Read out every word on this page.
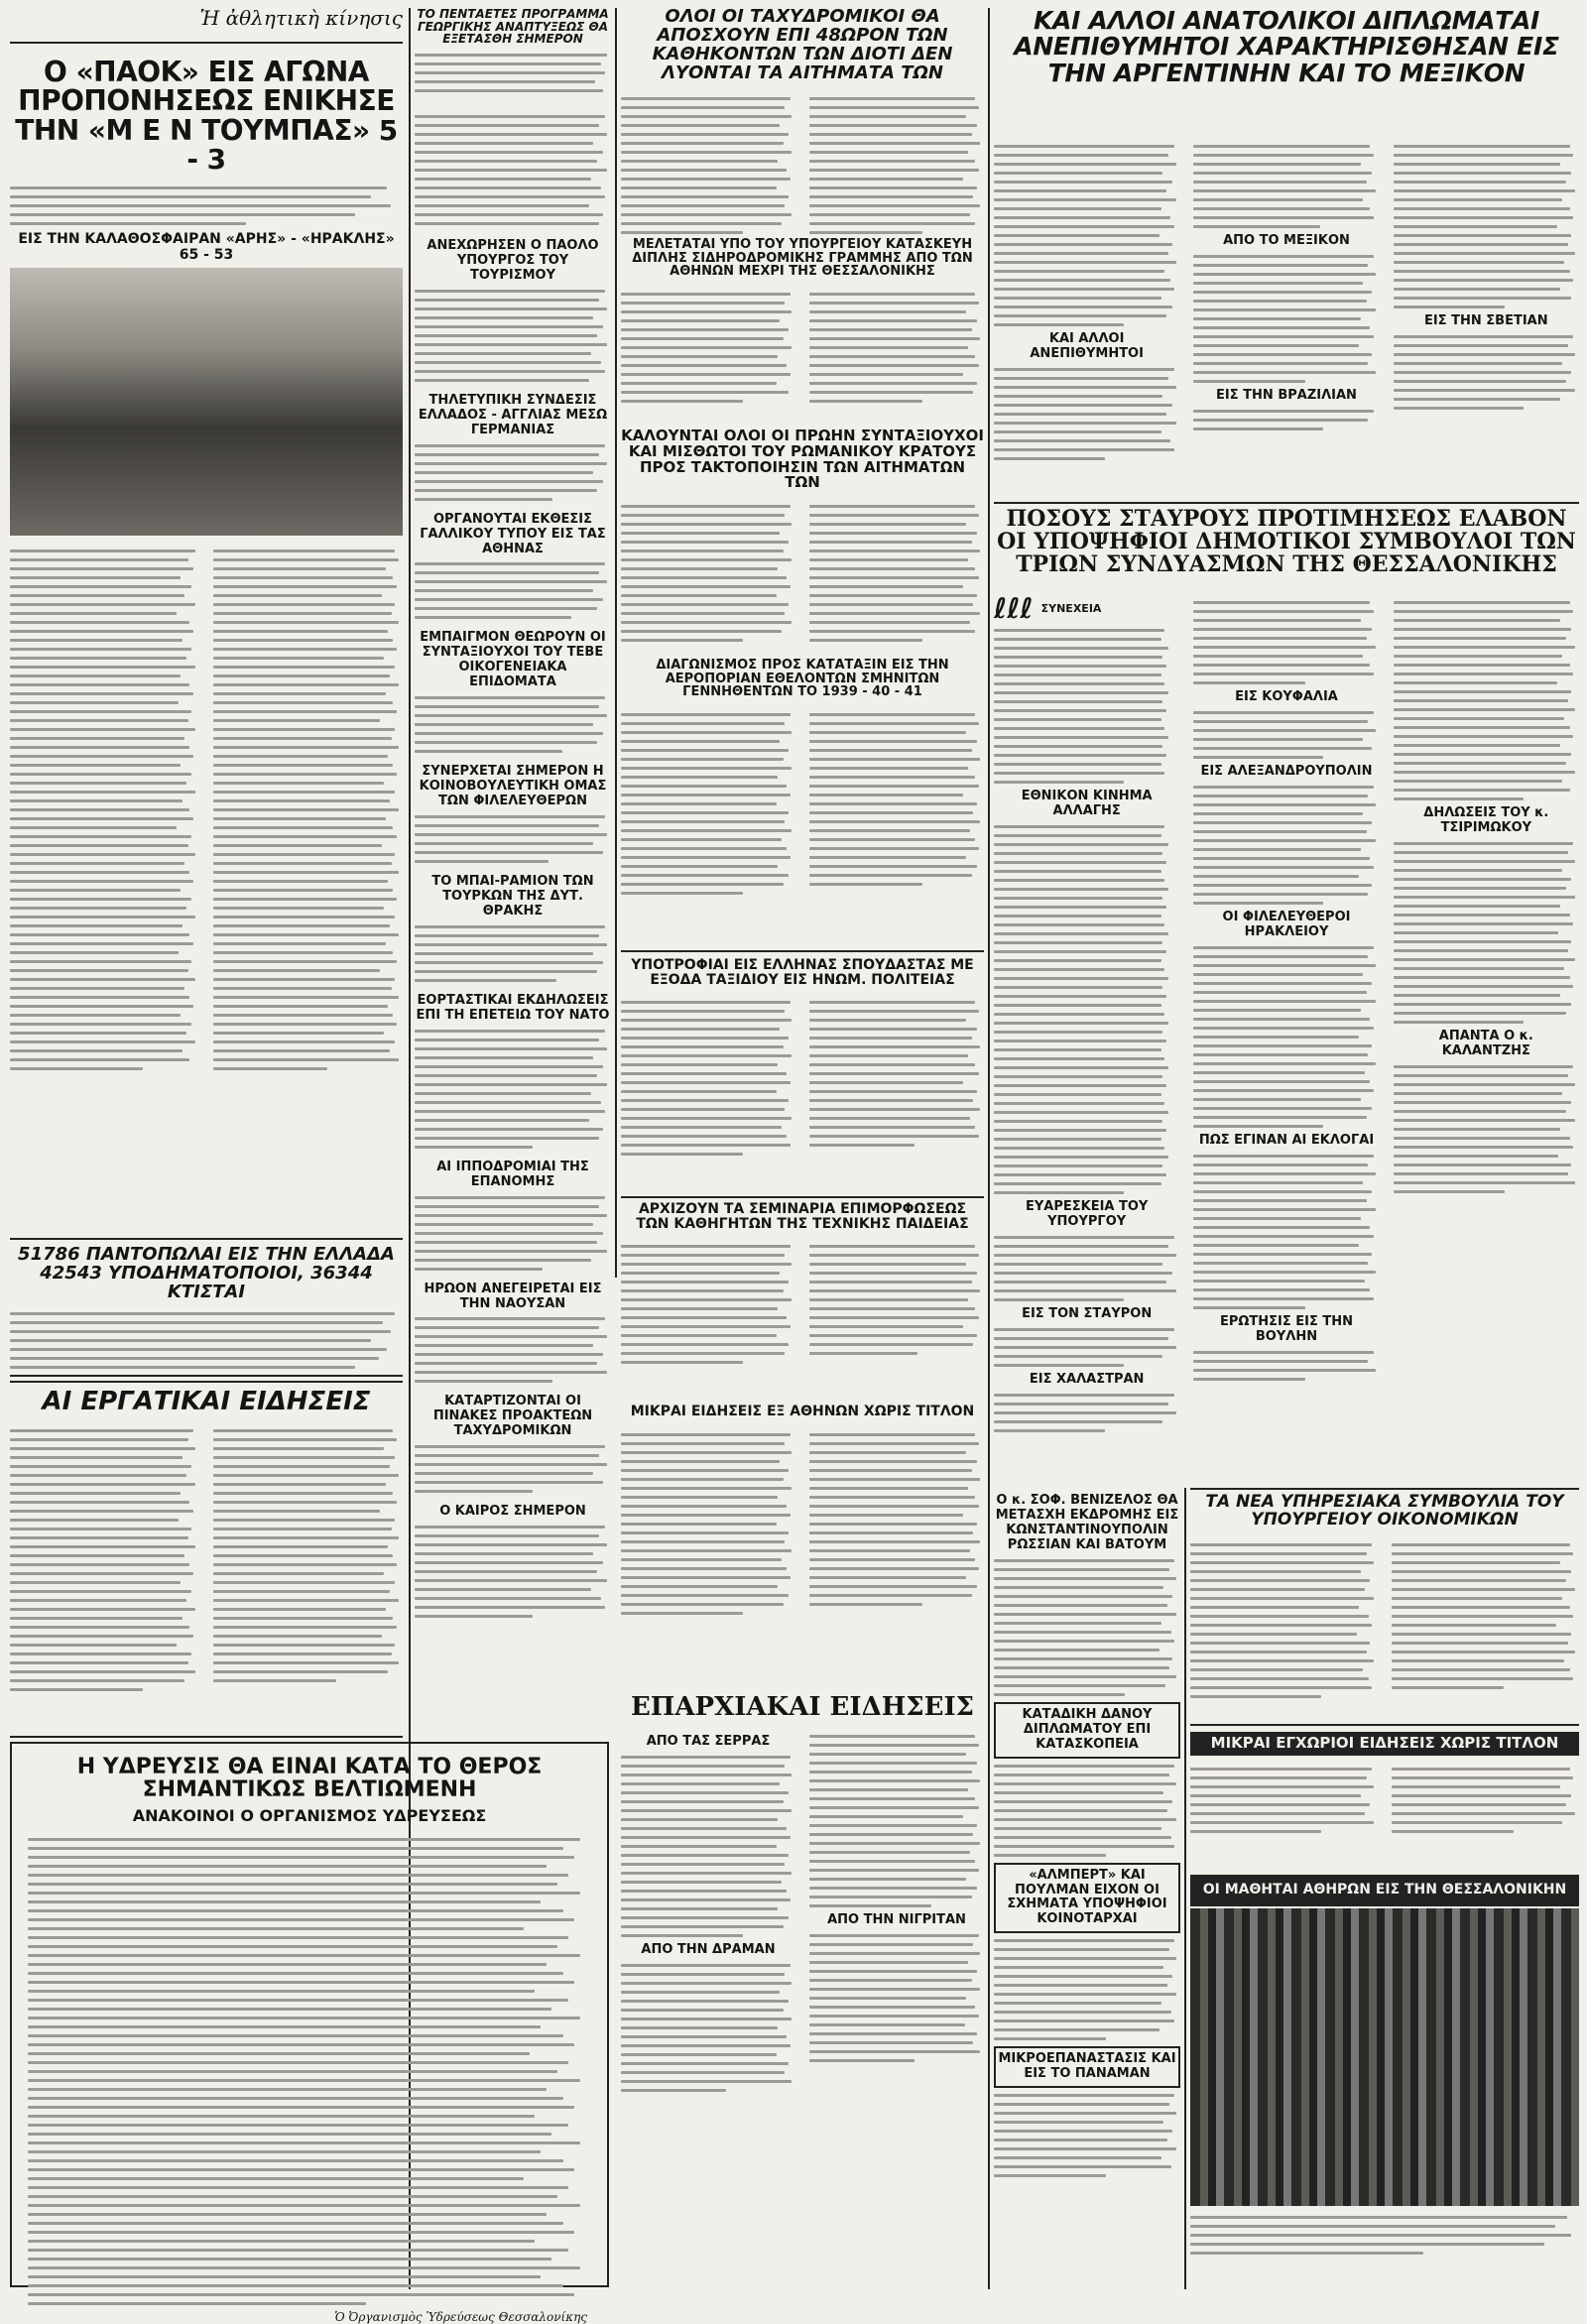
Ἡ ἀθλητικὴ κίνησις
Ο «ΠΑΟΚ» ΕΙΣ ΑΓΩΝΑ ΠΡΟΠΟΝΗΣΕΩΣ ΕΝΙΚΗΣΕ ΤΗΝ «Μ Ε Ν ΤΟΥΜΠΑΣ» 5 - 3
ΕΙΣ ΤΗΝ ΚΑΛΑΘΟΣΦΑΙΡΑΝ «ΑΡΗΣ» - «ΗΡΑΚΛΗΣ» 65 - 53
51786 ΠΑΝΤΟΠΩΛΑΙ ΕΙΣ ΤΗΝ ΕΛΛΑΔΑ 42543 ΥΠΟΔΗΜΑΤΟΠΟΙΟΙ, 36344 ΚΤΙΣΤΑΙ
ΑΙ ΕΡΓΑΤΙΚΑΙ ΕΙΔΗΣΕΙΣ
Η ΥΔΡΕΥΣΙΣ ΘΑ ΕΙΝΑΙ ΚΑΤΑ ΤΟ ΘΕΡΟΣ ΣΗΜΑΝΤΙΚΩΣ ΒΕΛΤΙΩΜΕΝΗ
ΑΝΑΚΟΙΝΟΙ Ο ΟΡΓΑΝΙΣΜΟΣ ΥΔΡΕΥΣΕΩΣ
Ὁ Ὀργανισμὸς Ὑδρεύσεως Θεσσαλονίκης
ΤΟ ΠΕΝΤΑΕΤΕΣ ΠΡΟΓΡΑΜΜΑ ΓΕΩΡΓΙΚΗΣ ΑΝΑΠΤΥΞΕΩΣ ΘΑ ΕΞΕΤΑΣΘΗ ΣΗΜΕΡΟΝ
ΑΝΕΧΩΡΗΣΕΝ Ο ΠΑΟΛΟ ΥΠΟΥΡΓΟΣ ΤΟΥ ΤΟΥΡΙΣΜΟΥ
ΤΗΛΕΤΥΠΙΚΗ ΣΥΝΔΕΣΙΣ ΕΛΛΑΔΟΣ - ΑΓΓΛΙΑΣ ΜΕΣΩ ΓΕΡΜΑΝΙΑΣ
ΟΡΓΑΝΟΥΤΑΙ ΕΚΘΕΣΙΣ ΓΑΛΛΙΚΟΥ ΤΥΠΟΥ ΕΙΣ ΤΑΣ ΑΘΗΝΑΣ
ΕΜΠΑΙΓΜΟΝ ΘΕΩΡΟΥΝ ΟΙ ΣΥΝΤΑΞΙΟΥΧΟΙ ΤΟΥ ΤΕΒΕ ΟΙΚΟΓΕΝΕΙΑΚΑ ΕΠΙΔΟΜΑΤΑ
ΣΥΝΕΡΧΕΤΑΙ ΣΗΜΕΡΟΝ Η ΚΟΙΝΟΒΟΥΛΕΥΤΙΚΗ ΟΜΑΣ ΤΩΝ ΦΙΛΕΛΕΥΘΕΡΩΝ
ΤΟ ΜΠΑΙ-ΡΑΜΙΟΝ ΤΩΝ ΤΟΥΡΚΩΝ ΤΗΣ ΔΥΤ. ΘΡΑΚΗΣ
ΕΟΡΤΑΣΤΙΚΑΙ ΕΚΔΗΛΩΣΕΙΣ ΕΠΙ ΤΗ ΕΠΕΤΕΙΩ ΤΟΥ ΝΑΤΟ
ΑΙ ΙΠΠΟΔΡΟΜΙΑΙ ΤΗΣ ΕΠΑΝΟΜΗΣ
ΗΡΩΟΝ ΑΝΕΓΕΙΡΕΤΑΙ ΕΙΣ ΤΗΝ ΝΑΟΥΣΑΝ
ΚΑΤΑΡΤΙΖΟΝΤΑΙ ΟΙ ΠΙΝΑΚΕΣ ΠΡΟΑΚΤΕΩΝ ΤΑΧΥΔΡΟΜΙΚΩΝ
Ο ΚΑΙΡΟΣ ΣΗΜΕΡΟΝ
ΟΛΟΙ ΟΙ ΤΑΧΥΔΡΟΜΙΚΟΙ ΘΑ ΑΠΟΣΧΟΥΝ ΕΠΙ 48ΩΡΟΝ ΤΩΝ ΚΑΘΗΚΟΝΤΩΝ ΤΩΝ ΔΙΟΤΙ ΔΕΝ ΛΥΟΝΤΑΙ ΤΑ ΑΙΤΗΜΑΤΑ ΤΩΝ
ΜΕΛΕΤΑΤΑΙ ΥΠΟ ΤΟΥ ΥΠΟΥΡΓΕΙΟΥ ΚΑΤΑΣΚΕΥΗ ΔΙΠΛΗΣ ΣΙΔΗΡΟΔΡΟΜΙΚΗΣ ΓΡΑΜΜΗΣ ΑΠΟ ΤΩΝ ΑΘΗΝΩΝ ΜΕΧΡΙ ΤΗΣ ΘΕΣΣΑΛΟΝΙΚΗΣ
ΚΑΛΟΥΝΤΑΙ ΟΛΟΙ ΟΙ ΠΡΩΗΝ ΣΥΝΤΑΞΙΟΥΧΟΙ ΚΑΙ ΜΙΣΘΩΤΟΙ ΤΟΥ ΡΩΜΑΝΙΚΟΥ ΚΡΑΤΟΥΣ ΠΡΟΣ ΤΑΚΤΟΠΟΙΗΣΙΝ ΤΩΝ ΑΙΤΗΜΑΤΩΝ ΤΩΝ
ΔΙΑΓΩΝΙΣΜΟΣ ΠΡΟΣ ΚΑΤΑΤΑΞΙΝ ΕΙΣ ΤΗΝ ΑΕΡΟΠΟΡΙΑΝ ΕΘΕΛΟΝΤΩΝ ΣΜΗΝΙΤΩΝ ΓΕΝΝΗΘΕΝΤΩΝ ΤΟ 1939 - 40 - 41
ΥΠΟΤΡΟΦΙΑΙ ΕΙΣ ΕΛΛΗΝΑΣ ΣΠΟΥΔΑΣΤΑΣ ΜΕ ΕΞΟΔΑ ΤΑΞΙΔΙΟΥ ΕΙΣ ΗΝΩΜ. ΠΟΛΙΤΕΙΑΣ
ΑΡΧΙΖΟΥΝ ΤΑ ΣΕΜΙΝΑΡΙΑ ΕΠΙΜΟΡΦΩΣΕΩΣ ΤΩΝ ΚΑΘΗΓΗΤΩΝ ΤΗΣ ΤΕΧΝΙΚΗΣ ΠΑΙΔΕΙΑΣ
ΜΙΚΡΑΙ ΕΙΔΗΣΕΙΣ ΕΞ ΑΘΗΝΩΝ ΧΩΡΙΣ ΤΙΤΛΟΝ
ΕΠΑΡΧΙΑΚΑΙ ΕΙΔΗΣΕΙΣ
ΑΠΟ ΤΑΣ ΣΕΡΡΑΣ
ΑΠΟ ΤΗΝ ΔΡΑΜΑΝ
ΑΠΟ ΤΗΝ ΝΙΓΡΙΤΑΝ
ΚΑΙ ΑΛΛΟΙ ΑΝΑΤΟΛΙΚΟΙ ΔΙΠΛΩΜΑΤΑΙ ΑΝΕΠΙΘΥΜΗΤΟΙ ΧΑΡΑΚΤΗΡΙΣΘΗΣΑΝ ΕΙΣ ΤΗΝ ΑΡΓΕΝΤΙΝΗΝ ΚΑΙ ΤΟ ΜΕΞΙΚΟΝ
ΚΑΙ ΑΛΛΟΙ ΑΝΕΠΙΘΥΜΗΤΟΙ
ΑΠΟ ΤΟ ΜΕΞΙΚΟΝ
ΕΙΣ ΤΗΝ ΒΡΑΖΙΛΙΑΝ
ΕΙΣ ΤΗΝ ΣΒΕΤΙΑΝ
ΠΟΣΟΥΣ ΣΤΑΥΡΟΥΣ ΠΡΟΤΙΜΗΣΕΩΣ ΕΛΑΒΟΝ ΟΙ ΥΠΟΨΗΦΙΟΙ ΔΗΜΟΤΙΚΟΙ ΣΥΜΒΟΥΛΟΙ ΤΩΝ ΤΡΙΩΝ ΣΥΝΔΥΑΣΜΩΝ ΤΗΣ ΘΕΣΣΑΛΟΝΙΚΗΣ
ℓℓℓ ΣΥΝΕΧΕΙΑ
ΕΘΝΙΚΟΝ ΚΙΝΗΜΑ ΑΛΛΑΓΗΣ
ΕΥΑΡΕΣΚΕΙΑ ΤΟΥ ΥΠΟΥΡΓΟΥ
ΕΙΣ ΤΟΝ ΣΤΑΥΡΟΝ
ΕΙΣ ΧΑΛΑΣΤΡΑΝ
ΕΙΣ ΚΟΥΦΑΛΙΑ
ΕΙΣ ΑΛΕΞΑΝΔΡΟΥΠΟΛΙΝ
ΟΙ ΦΙΛΕΛΕΥΘΕΡΟΙ ΗΡΑΚΛΕΙΟΥ
ΠΩΣ ΕΓΙΝΑΝ ΑΙ ΕΚΛΟΓΑΙ
ΕΡΩΤΗΣΙΣ ΕΙΣ ΤΗΝ ΒΟΥΛΗΝ
ΔΗΛΩΣΕΙΣ ΤΟΥ κ. ΤΣΙΡΙΜΩΚΟΥ
ΑΠΑΝΤΑ Ο κ. ΚΑΛΑΝΤΖΗΣ
Ο κ. ΣΟΦ. ΒΕΝΙΖΕΛΟΣ ΘΑ ΜΕΤΑΣΧΗ ΕΚΔΡΟΜΗΣ ΕΙΣ ΚΩΝΣΤΑΝΤΙΝΟΥΠΟΛΙΝ ΡΩΣΣΙΑΝ ΚΑΙ ΒΑΤΟΥΜ
ΚΑΤΑΔΙΚΗ ΔΑΝΟΥ ΔΙΠΛΩΜΑΤΟΥ ΕΠΙ ΚΑΤΑΣΚΟΠΕΙΑ
«ΑΛΜΠΕΡΤ» ΚΑΙ ΠΟΥΛΜΑΝ ΕΙΧΟΝ ΟΙ ΣΧΗΜΑΤΑ ΥΠΟΨΗΦΙΟΙ ΚΟΙΝΟΤΑΡΧΑΙ
ΜΙΚΡΟΕΠΑΝΑΣΤΑΣΙΣ ΚΑΙ ΕΙΣ ΤΟ ΠΑΝΑΜΑΝ
ΤΑ ΝΕΑ ΥΠΗΡΕΣΙΑΚΑ ΣΥΜΒΟΥΛΙΑ ΤΟΥ ΥΠΟΥΡΓΕΙΟΥ ΟΙΚΟΝΟΜΙΚΩΝ
ΜΙΚΡΑΙ ΕΓΧΩΡΙΟΙ ΕΙΔΗΣΕΙΣ ΧΩΡΙΣ ΤΙΤΛΟΝ
ΟΙ ΜΑΘΗΤΑΙ ΑΘΗΡΩΝ ΕΙΣ ΤΗΝ ΘΕΣΣΑΛΟΝΙΚΗΝ
